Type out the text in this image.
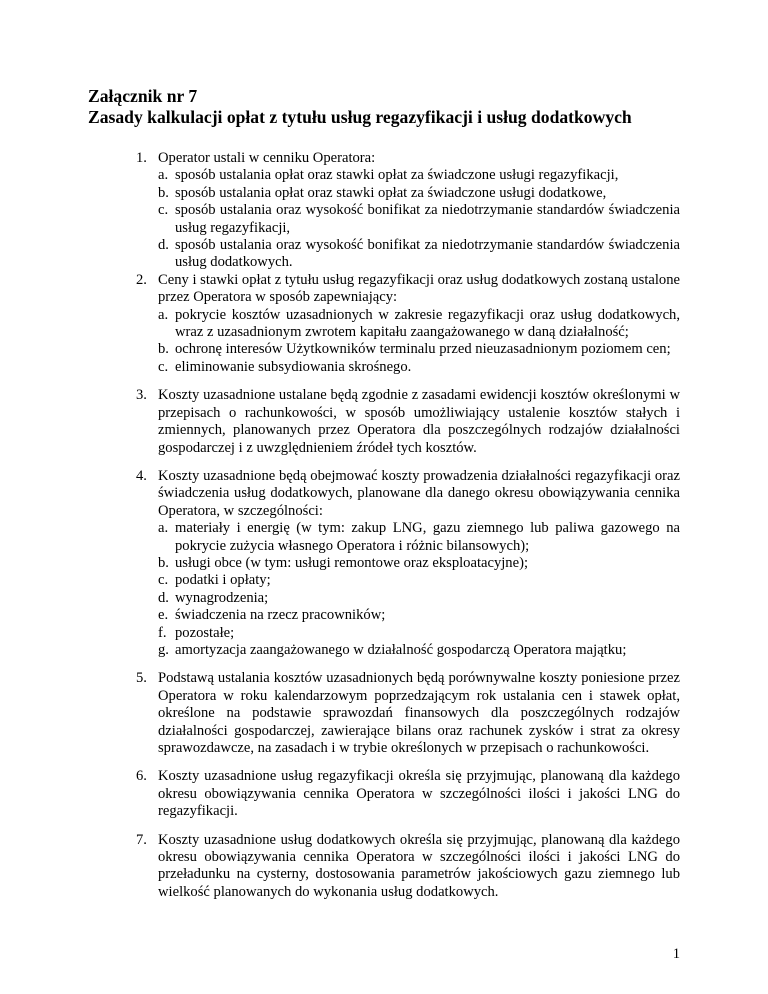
Załącznik nr 7
Zasady kalkulacji opłat z tytułu usług regazyfikacji i usług dodatkowych
1. Operator ustali w cenniku Operatora:
a. sposób ustalania opłat oraz stawki opłat za świadczone usługi regazyfikacji,
b. sposób ustalania opłat oraz stawki opłat za świadczone usługi dodatkowe,
c. sposób ustalania oraz wysokość bonifikat za niedotrzymanie standardów świadczenia usług regazyfikacji,
d. sposób ustalania oraz wysokość bonifikat za niedotrzymanie standardów świadczenia usług dodatkowych.
2. Ceny i stawki opłat z tytułu usług regazyfikacji oraz usług dodatkowych zostaną ustalone przez Operatora w sposób zapewniający:
a. pokrycie kosztów uzasadnionych w zakresie regazyfikacji oraz usług dodatkowych, wraz z uzasadnionym zwrotem kapitału zaangażowanego w daną działalność;
b. ochronę interesów Użytkowników terminalu przed nieuzasadnionym poziomem cen;
c. eliminowanie subsydiowania skrośnego.
3. Koszty uzasadnione ustalane będą zgodnie z zasadami ewidencji kosztów określonymi w przepisach o rachunkowości, w sposób umożliwiający ustalenie kosztów stałych i zmiennych, planowanych przez Operatora dla poszczególnych rodzajów działalności gospodarczej i z uwzględnieniem źródeł tych kosztów.
4. Koszty uzasadnione będą obejmować koszty prowadzenia działalności regazyfikacji oraz świadczenia usług dodatkowych, planowane dla danego okresu obowiązywania cennika Operatora, w szczególności:
a. materiały i energię (w tym: zakup LNG, gazu ziemnego lub paliwa gazowego na pokrycie zużycia własnego Operatora i różnic bilansowych);
b. usługi obce (w tym: usługi remontowe oraz eksploatacyjne);
c. podatki i opłaty;
d. wynagrodzenia;
e. świadczenia na rzecz pracowników;
f. pozostałe;
g. amortyzacja zaangażowanego w działalność gospodarczą Operatora majątku;
5. Podstawą ustalania kosztów uzasadnionych będą porównywalne koszty poniesione przez Operatora w roku kalendarzowym poprzedzającym rok ustalania cen i stawek opłat, określone na podstawie sprawozdań finansowych dla poszczególnych rodzajów działalności gospodarczej, zawierające bilans oraz rachunek zysków i strat za okresy sprawozdawcze, na zasadach i w trybie określonych w przepisach o rachunkowości.
6. Koszty uzasadnione usług regazyfikacji określa się przyjmując, planowaną dla każdego okresu obowiązywania cennika Operatora w szczególności ilości i jakości LNG do regazyfikacji.
7. Koszty uzasadnione usług dodatkowych określa się przyjmując, planowaną dla każdego okresu obowiązywania cennika Operatora w szczególności ilości i jakości LNG do przeładunku na cysterny, dostosowania parametrów jakościowych gazu ziemnego lub wielkość planowanych do wykonania usług dodatkowych.
1
